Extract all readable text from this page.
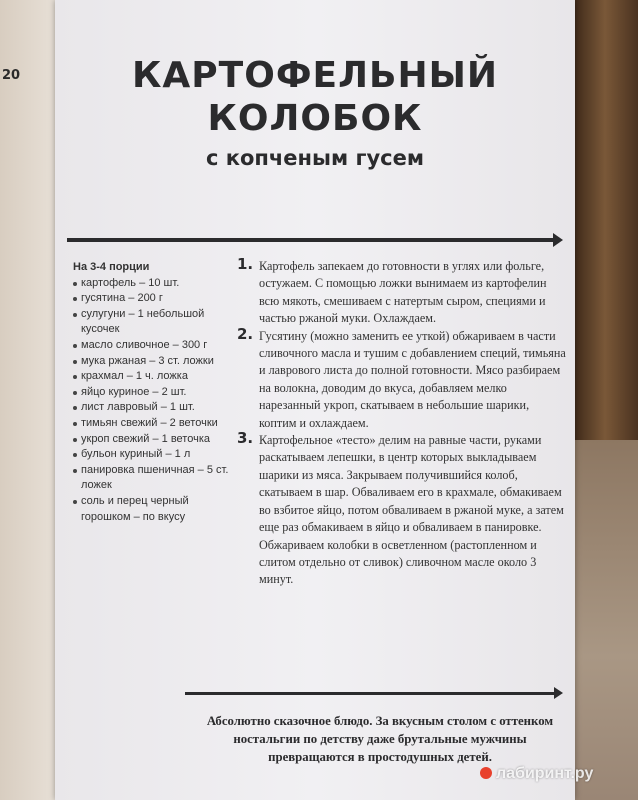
20	КАРТОФЕЛЬНЫЙ
КОЛОБОК
с копченым гусем
На 3-4 порции
картофель – 10 шт.
гусятина – 200 г
сулугуни – 1 небольшой кусочек
масло сливочное – 300 г
мука ржаная – 3 ст. ложки
крахмал – 1 ч. ложка
яйцо куриное – 2 шт.
лист лавровый – 1 шт.
тимьян свежий – 2 веточки
укроп свежий – 1 веточка
бульон куриный – 1 л
панировка пшеничная – 5 ст. ложек
соль и перец черный горошком – по вкусу
1. Картофель запекаем до готовности в углях или фольге, остужаем. С помощью ложки вынимаем из картофелин всю мякоть, смешиваем с натертым сыром, специями и частью ржаной муки. Охлаждаем.
2. Гусятину (можно заменить ее уткой) обжариваем в части сливочного масла и тушим с добавлением специй, тимьяна и лаврового листа до полной готовности. Мясо разбираем на волокна, доводим до вкуса, добавляем мелко нарезанный укроп, скатываем в небольшие шарики, коптим и охлаждаем.
3. Картофельное «тесто» делим на равные части, руками раскатываем лепешки, в центр которых выкладываем шарики из мяса. Закрываем получившийся колоб, скатываем в шар. Обваливаем его в крахмале, обмакиваем во взбитое яйцо, потом обваливаем в ржаной муке, а затем еще раз обмакиваем в яйцо и обваливаем в панировке. Обжариваем колобки в осветленном (растопленном и слитом отдельно от сливок) сливочном масле около 3 минут.
Абсолютно сказочное блюдо. За вкусным столом с оттенком ностальгии по детству даже брутальные мужчины превращаются в простодушных детей.
лабиринт.ру
